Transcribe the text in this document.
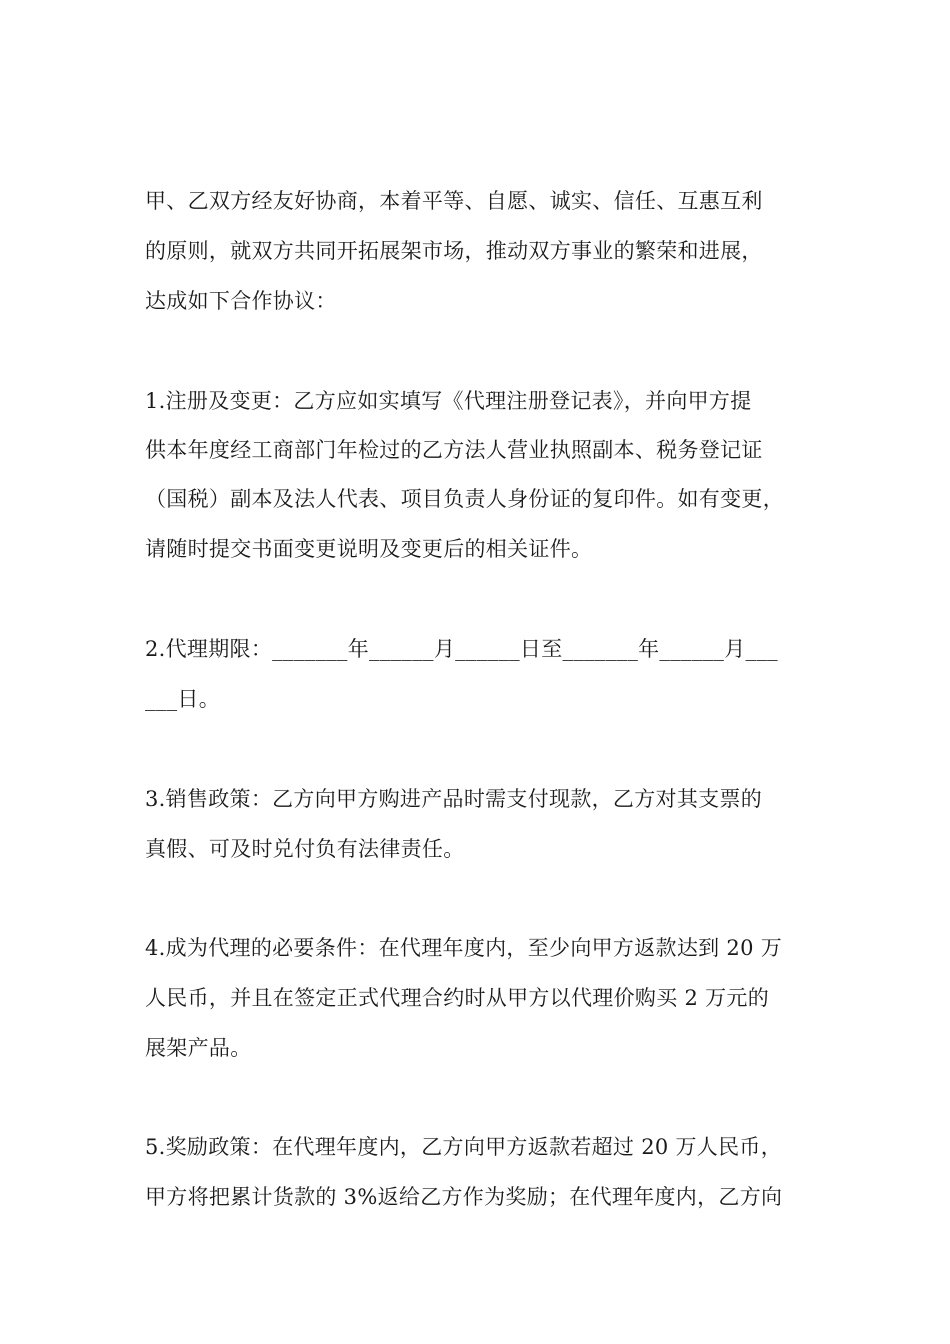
甲、乙双方经友好协商，本着平等、自愿、诚实、信任、互惠互利
的原则，就双方共同开拓展架市场，推动双方事业的繁荣和进展，
达成如下合作协议：
1.注册及变更：乙方应如实填写《代理注册登记表》，并向甲方提
供本年度经工商部门年检过的乙方法人营业执照副本、税务登记证
（国税）副本及法人代表、项目负责人身份证的复印件。如有变更，
请随时提交书面变更说明及变更后的相关证件。
2.代理期限：_______年______月______日至_______年______月___
___日。
3.销售政策：乙方向甲方购进产品时需支付现款，乙方对其支票的
真假、可及时兑付负有法律责任。
4.成为代理的必要条件：在代理年度内，至少向甲方返款达到 20 万
人民币，并且在签定正式代理合约时从甲方以代理价购买 2 万元的
展架产品。
5.奖励政策：在代理年度内，乙方向甲方返款若超过 20 万人民币，
甲方将把累计货款的 3%返给乙方作为奖励；在代理年度内，乙方向
